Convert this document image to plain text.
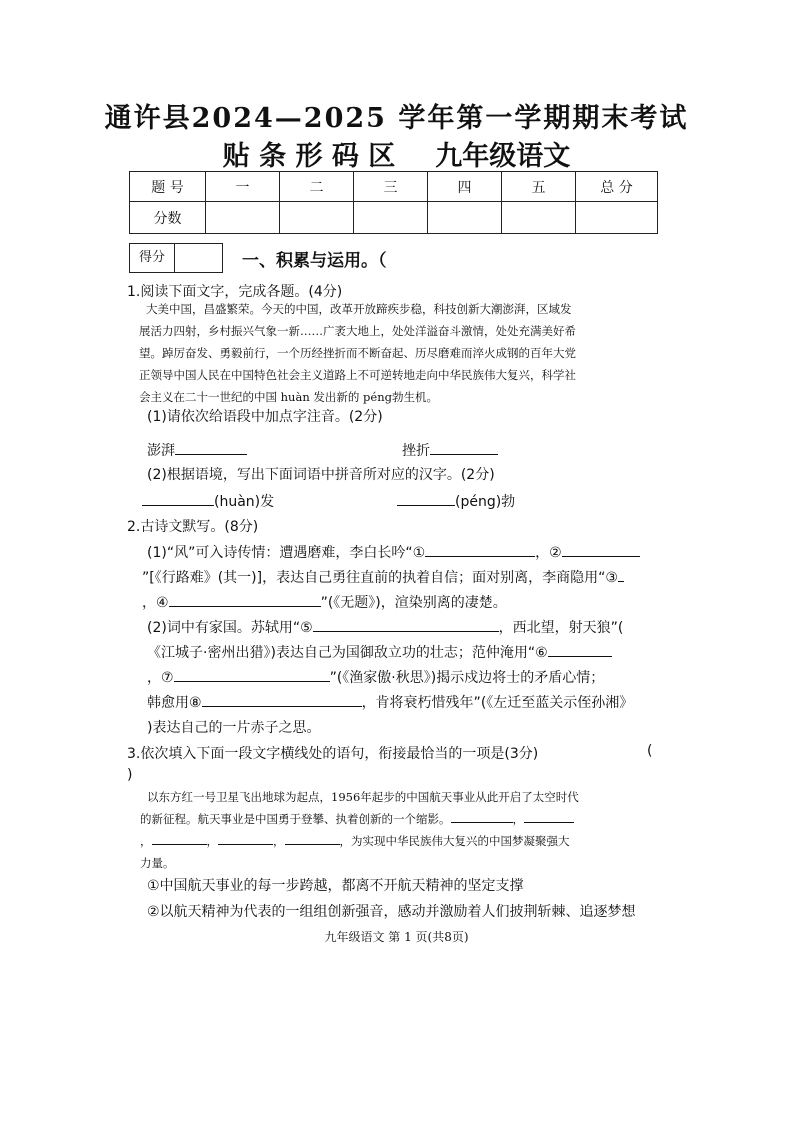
通许县2024—2025 学年第一学期期末考试
贴 条 形 码 区 九年级语文
题 号	一	二	三	四	五	总 分
分数						
得分	一、积累与运用。（
1.阅读下面文字，完成各题。(4分)
大美中国，昌盛繁荣。今天的中国，改革开放蹄疾步稳，科技创新大潮澎湃，区域发
展活力四射，乡村振兴气象一新……广袤大地上，处处洋溢奋斗激情，处处充满美好希
望。踔厉奋发、勇毅前行，一个历经挫折而不断奋起、历尽磨难而淬火成钢的百年大党
正领导中国人民在中国特色社会主义道路上不可逆转地走向中华民族伟大复兴，科学社
会主义在二十一世纪的中国 huàn 发出新的 péng勃生机。
(1)请依次给语段中加点字注音。(2分)
澎湃	挫折
(2)根据语境，写出下面词语中拼音所对应的汉字。(2分)
(huàn)发	(péng)勃
2.古诗文默写。(8分)
(1)“风”可入诗传情：遭遇磨难，李白长吟“①	，②
”[《行路难》(其一)]，表达自己勇往直前的执着自信；面对别离，李商隐用“③
，④	”(《无题》)，渲染别离的凄楚。
(2)词中有家国。苏轼用“⑤	，西北望，射天狼”(
《江城子·密州出猎》)表达自己为国御敌立功的壮志；范仲淹用“⑥
，⑦	”(《渔家傲·秋思》)揭示戍边将士的矛盾心情；
韩愈用⑧	，肯将衰朽惜残年”(《左迁至蓝关示侄孙湘》
)表达自己的一片赤子之思。
3.依次填入下面一段文字横线处的语句，衔接最恰当的一项是(3分)	(
)
以东方红一号卫星飞出地球为起点，1956年起步的中国航天事业从此开启了太空时代
的新征程。航天事业是中国勇于登攀、执着创新的一个缩影。	，
，	，	，	，为实现中华民族伟大复兴的中国梦凝聚强大
力量。
①中国航天事业的每一步跨越，都离不开航天精神的坚定支撑
②以航天精神为代表的一组组创新强音，感动并激励着人们披荆斩棘、追逐梦想
九年级语文 第 1 页(共8页)
